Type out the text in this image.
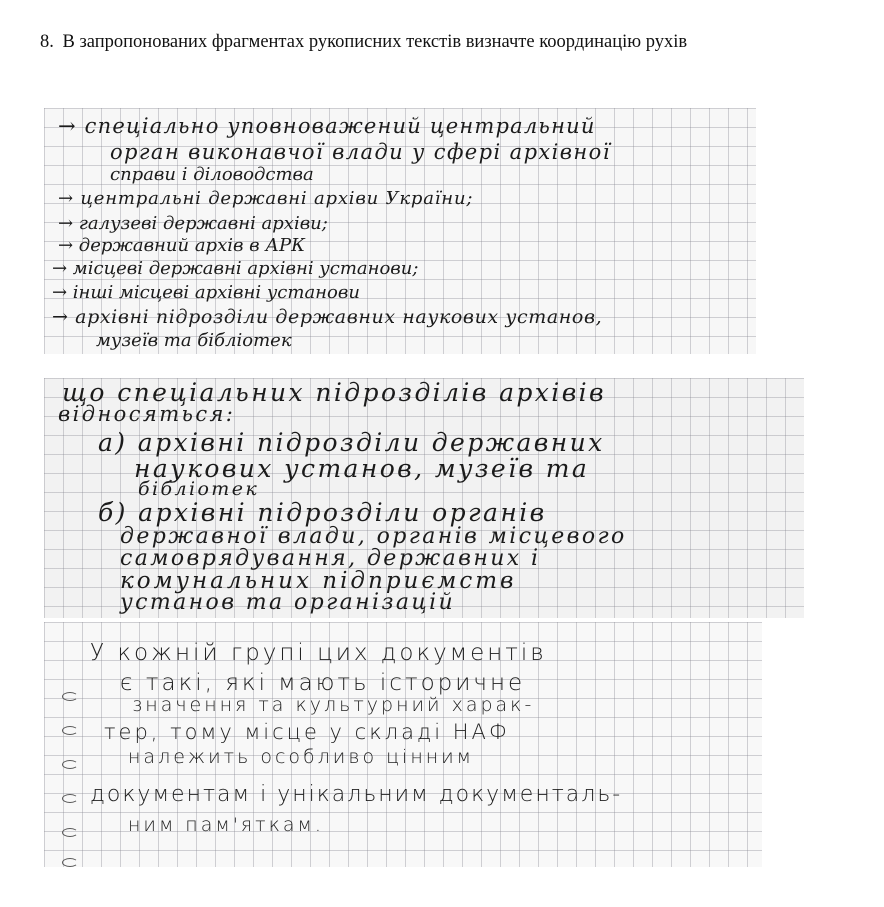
8. В запропонованих фрагментах рукописних текстів визначте координацію рухів
→ спеціально уповноважений центральний
орган виконавчої влади у сфері архівної
справи і діловодства
→ центральні державні архіви України;
→ галузеві державні архіви;
→ державний архів в АРК
→ місцеві державні архівні установи;
→ інші місцеві архівні установи
→ архівні підрозділи державних наукових установ,
музеїв та бібліотек
що спеціальних підрозділів архівів
відносяться:
а) архівні підрозділи державних
наукових установ, музеїв та
бібліотек
б) архівні підрозділи органів
державної влади, органів місцевого
самоврядування, державних і
комунальних підприємств
установ та організацій
У кожній групі цих документів
є такі, які мають історичне
значення та культурний харак-
тер, тому місце у складі НАФ
належить особливо цінним
документам і унікальним документаль-
ним пам'яткам.
